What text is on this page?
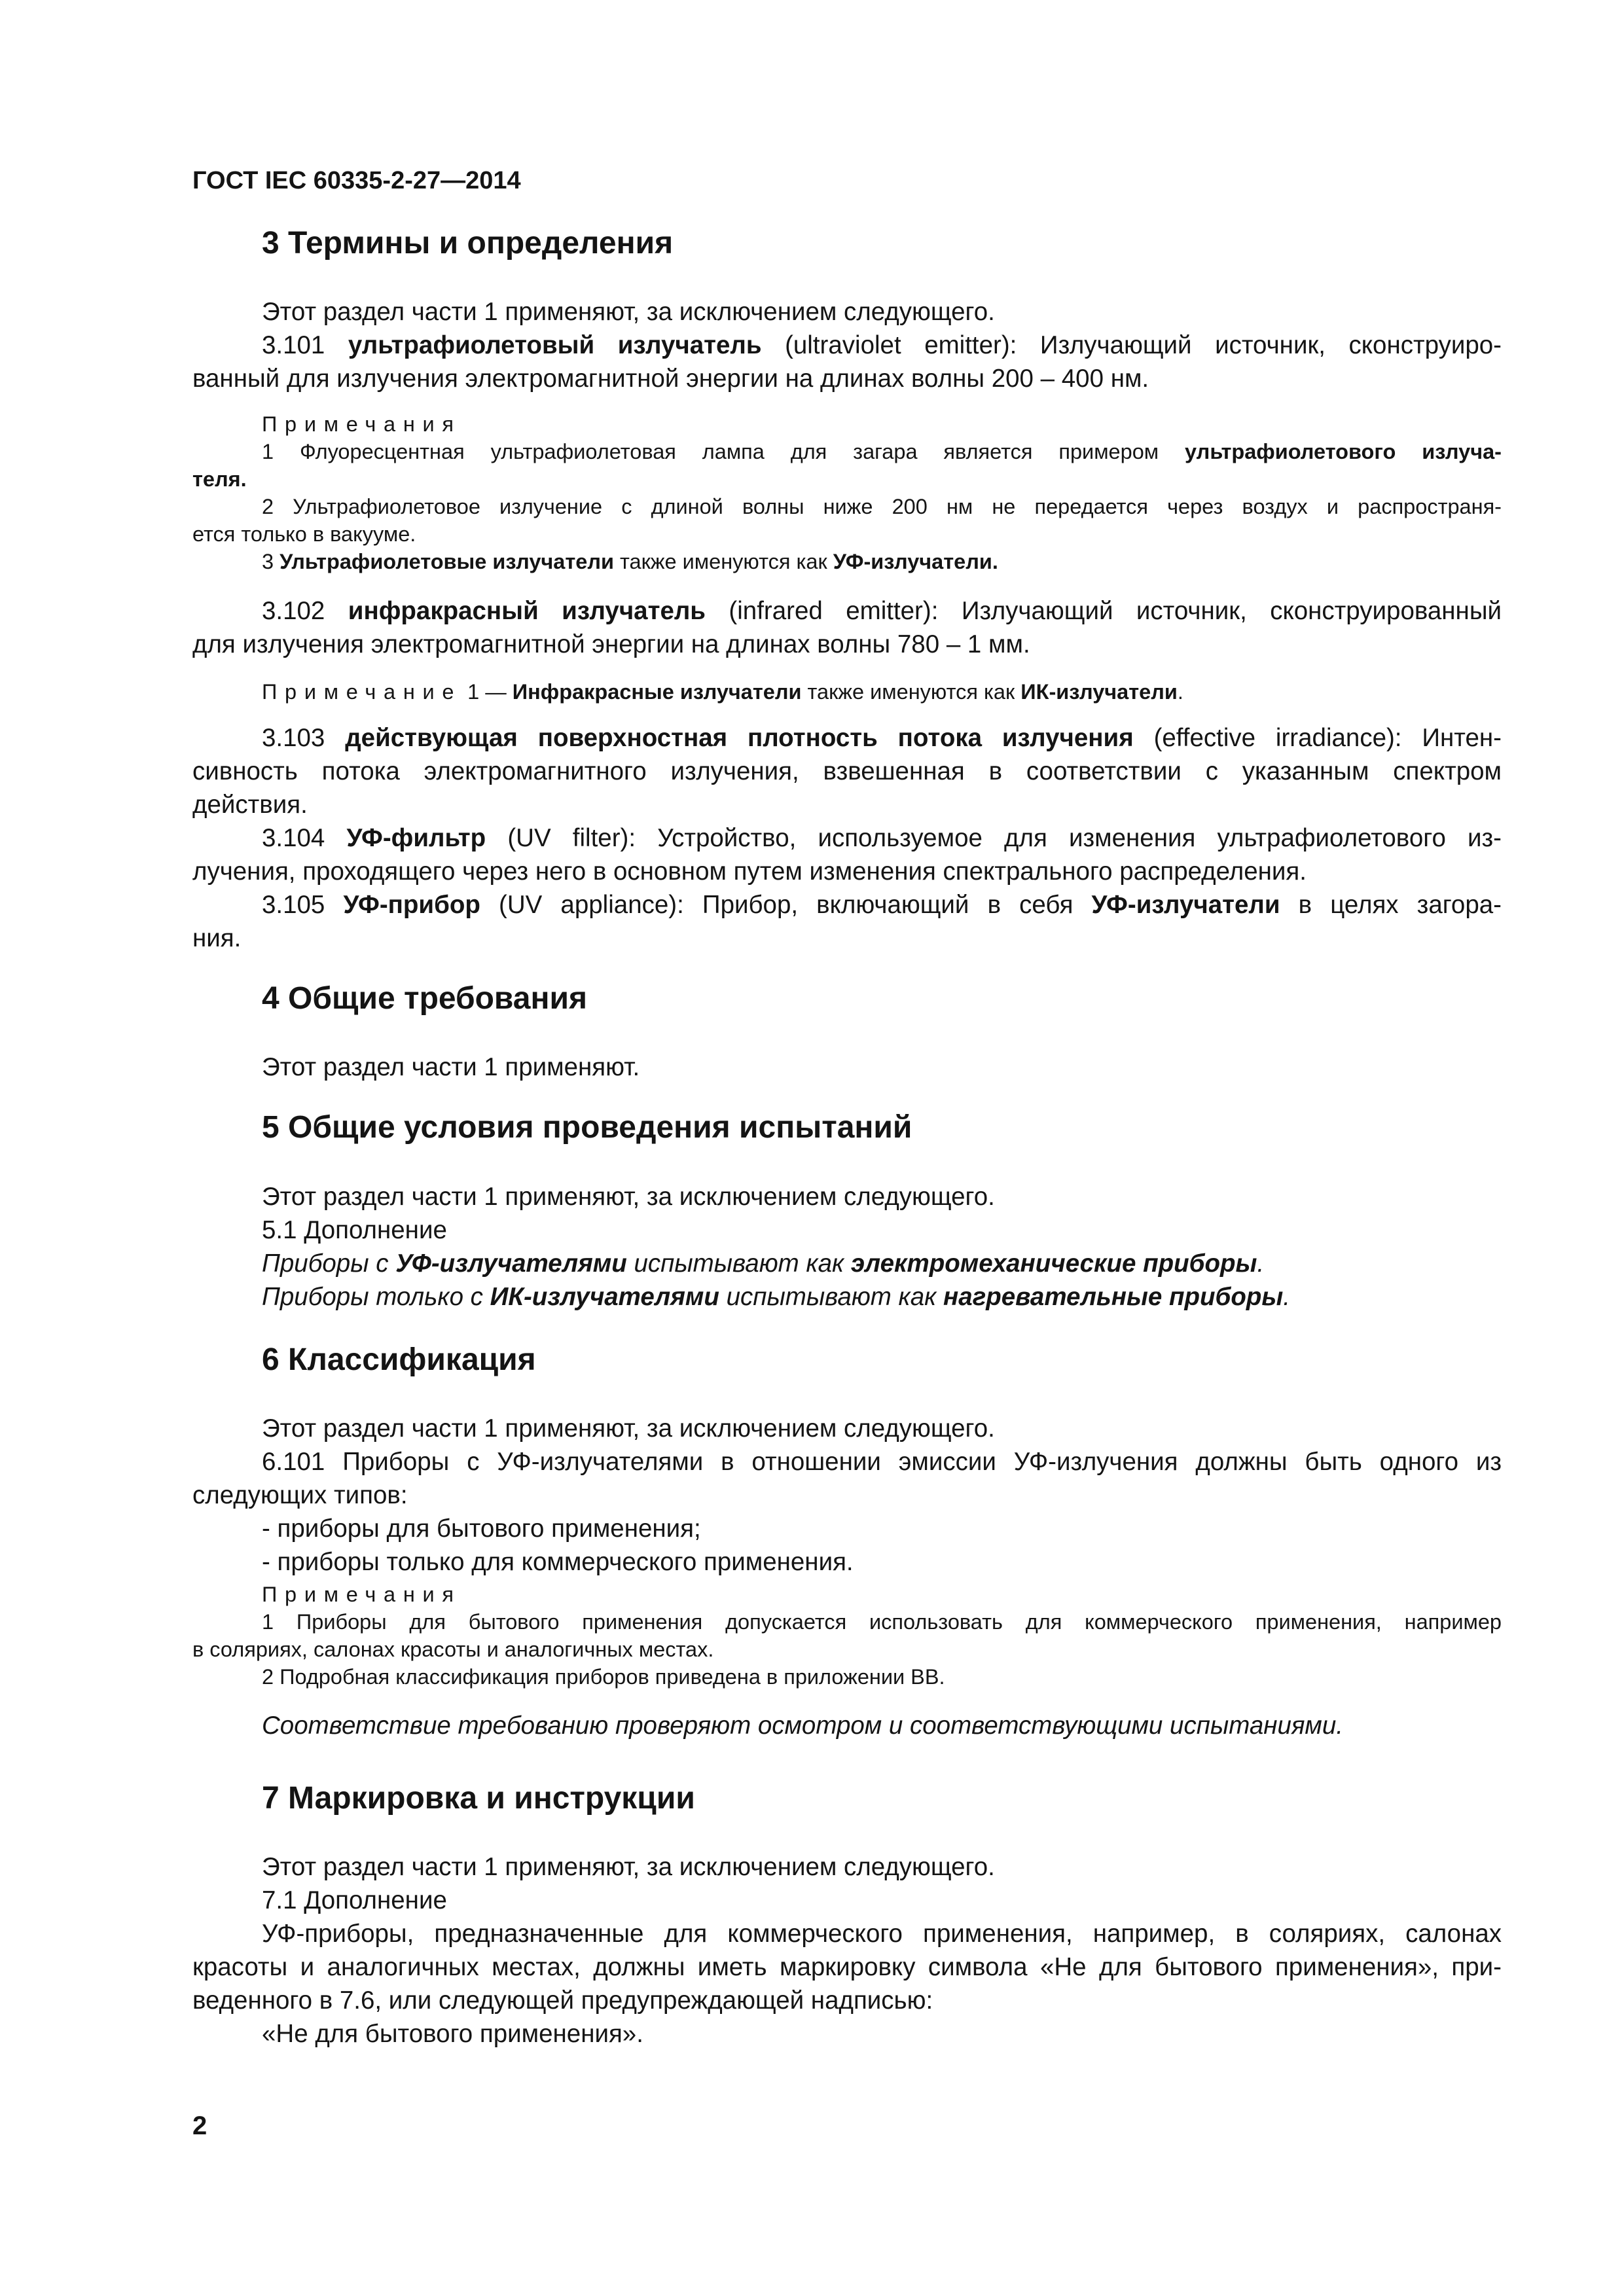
ГОСТ IEC 60335-2-27—2014
3 Термины и определения
Этот раздел части 1 применяют, за исключением следующего.
3.101 ультрафиолетовый излучатель (ultraviolet emitter): Излучающий источник, сконструиро-
ванный для излучения электромагнитной энергии на длинах волны 200 – 400 нм.
Примечания
1 Флуоресцентная ультрафиолетовая лампа для загара является примером ультрафиолетового излуча-
теля.
2 Ультрафиолетовое излучение с длиной волны ниже 200 нм не передается через воздух и распространя-
ется только в вакууме.
3 Ультрафиолетовые излучатели также именуются как УФ-излучатели.
3.102 инфракрасный излучатель (infrared emitter): Излучающий источник, сконструированный
для излучения электромагнитной энергии на длинах волны 780 – 1 мм.
Примечание 1 — Инфракрасные излучатели также именуются как ИК-излучатели.
3.103 действующая поверхностная плотность потока излучения (effective irradiance): Интен-
сивность потока электромагнитного излучения, взвешенная в соответствии с указанным спектром
действия.
3.104 УФ-фильтр (UV filter): Устройство, используемое для изменения ультрафиолетового из-
лучения, проходящего через него в основном путем изменения спектрального распределения.
3.105 УФ-прибор (UV appliance): Прибор, включающий в себя УФ-излучатели в целях загора-
ния.
4 Общие требования
Этот раздел части 1 применяют.
5 Общие условия проведения испытаний
Этот раздел части 1 применяют, за исключением следующего.
5.1 Дополнение
Приборы с УФ-излучателями испытывают как электромеханические приборы.
Приборы только с ИК-излучателями испытывают как нагревательные приборы.
6 Классификация
Этот раздел части 1 применяют, за исключением следующего.
6.101 Приборы с УФ-излучателями в отношении эмиссии УФ-излучения должны быть одного из
следующих типов:
- приборы для бытового применения;
- приборы только для коммерческого применения.
Примечания
1 Приборы для бытового применения допускается использовать для коммерческого применения, например
в соляриях, салонах красоты и аналогичных местах.
2 Подробная классификация приборов приведена в приложении ВВ.
Соответствие требованию проверяют осмотром и соответствующими испытаниями.
7 Маркировка и инструкции
Этот раздел части 1 применяют, за исключением следующего.
7.1 Дополнение
УФ-приборы, предназначенные для коммерческого применения, например, в соляриях, салонах
красоты и аналогичных местах, должны иметь маркировку символа «Не для бытового применения», при-
веденного в 7.6, или следующей предупреждающей надписью:
«Не для бытового применения».
2
